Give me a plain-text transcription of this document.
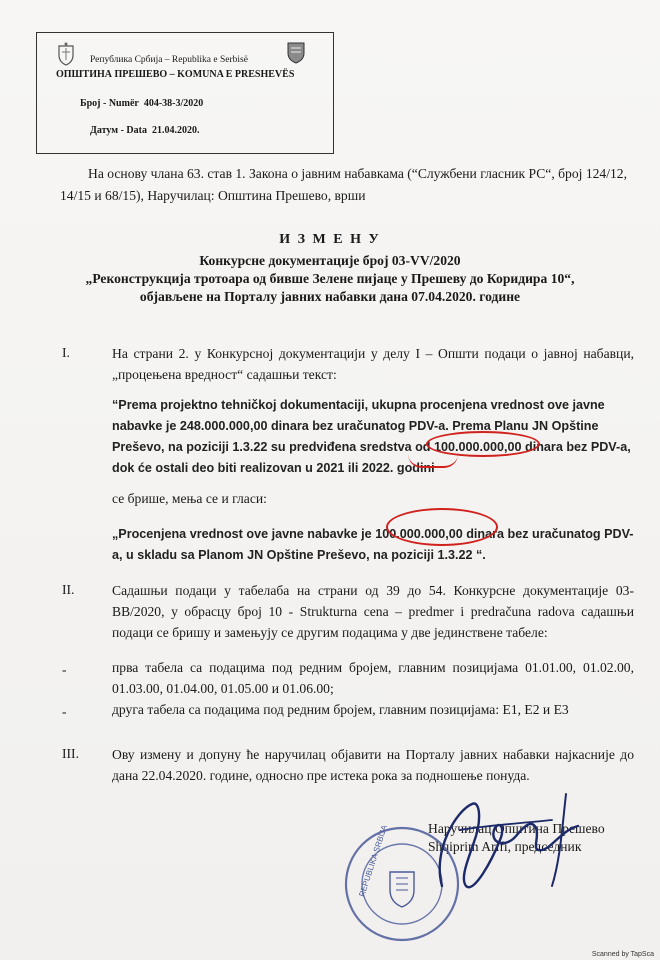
Република Србија – Republika e Serbisë
ОПШТИНА ПРЕШЕВО – KOMUNA E PRESHEVËS
Број - Numër 404-38-3/2020
Датум - Data 21.04.2020.
На основу члана 63. став 1. Закона о јавним набавкама (“Службени гласник РС“, број 124/12, 14/15 и 68/15), Наручилац: Општина Прешево, врши
И З М Е Н У
Конкурсне документације број 03-VV/2020
„Реконструкција тротоара од бивше Зелене пијаце у Прешеву до Коридира 10“,
објављене на Порталу јавних набавки дана 07.04.2020. године
I.	На страни 2. у Конкурсној документацији у делу I – Општи подаци о јавној набавци, „процењена вредност“ садашњи текст:
“Prema projektno tehničkoj dokumentaciji, ukupna procenjena vrednost ove javne nabavke je 248.000.000,00 dinara bez uračunatog PDV-a. Prema Planu JN Opštine Preševo, na poziciji 1.3.22 su predviđena sredstva od 100.000.000,00 dinara bez PDV-a, dok će ostali deo biti realizovan u 2021 ili 2022. godini
се брише, мења се и гласи:
„Procenjena vrednost ove javne nabavke je 100.000.000,00 dinara bez uračunatog PDV-a, u skladu sa Planom JN Opštine Preševo, na poziciji 1.3.22 “.
II.	Садашњи подаци у табелаба на страни од 39 до 54. Конкурсне документације 03-ВВ/2020, у обрасцу број 10 - Strukturna cena – predmer i predračuna radova садашњи подаци се бришу и замењују се другим подацима у две јединствене табеле:
-	прва табела са подацима под редним бројем, главним позицијама 01.01.00, 01.02.00, 01.03.00, 01.04.00, 01.05.00 и 01.06.00;
-	друга табела са подацима под редним бројем, главним позицијама: Е1, Е2 и Е3
III. Ову измену и допуну ће наручилац објавити на Порталу јавних набавки најкасније до дана 22.04.2020. године, односно пре истека рока за подношење понуда.
Наручилац Општина Прешево
Shqiprim Arifi, председник
REPUBLIKA SRBIJA
Scanned by TapSca
